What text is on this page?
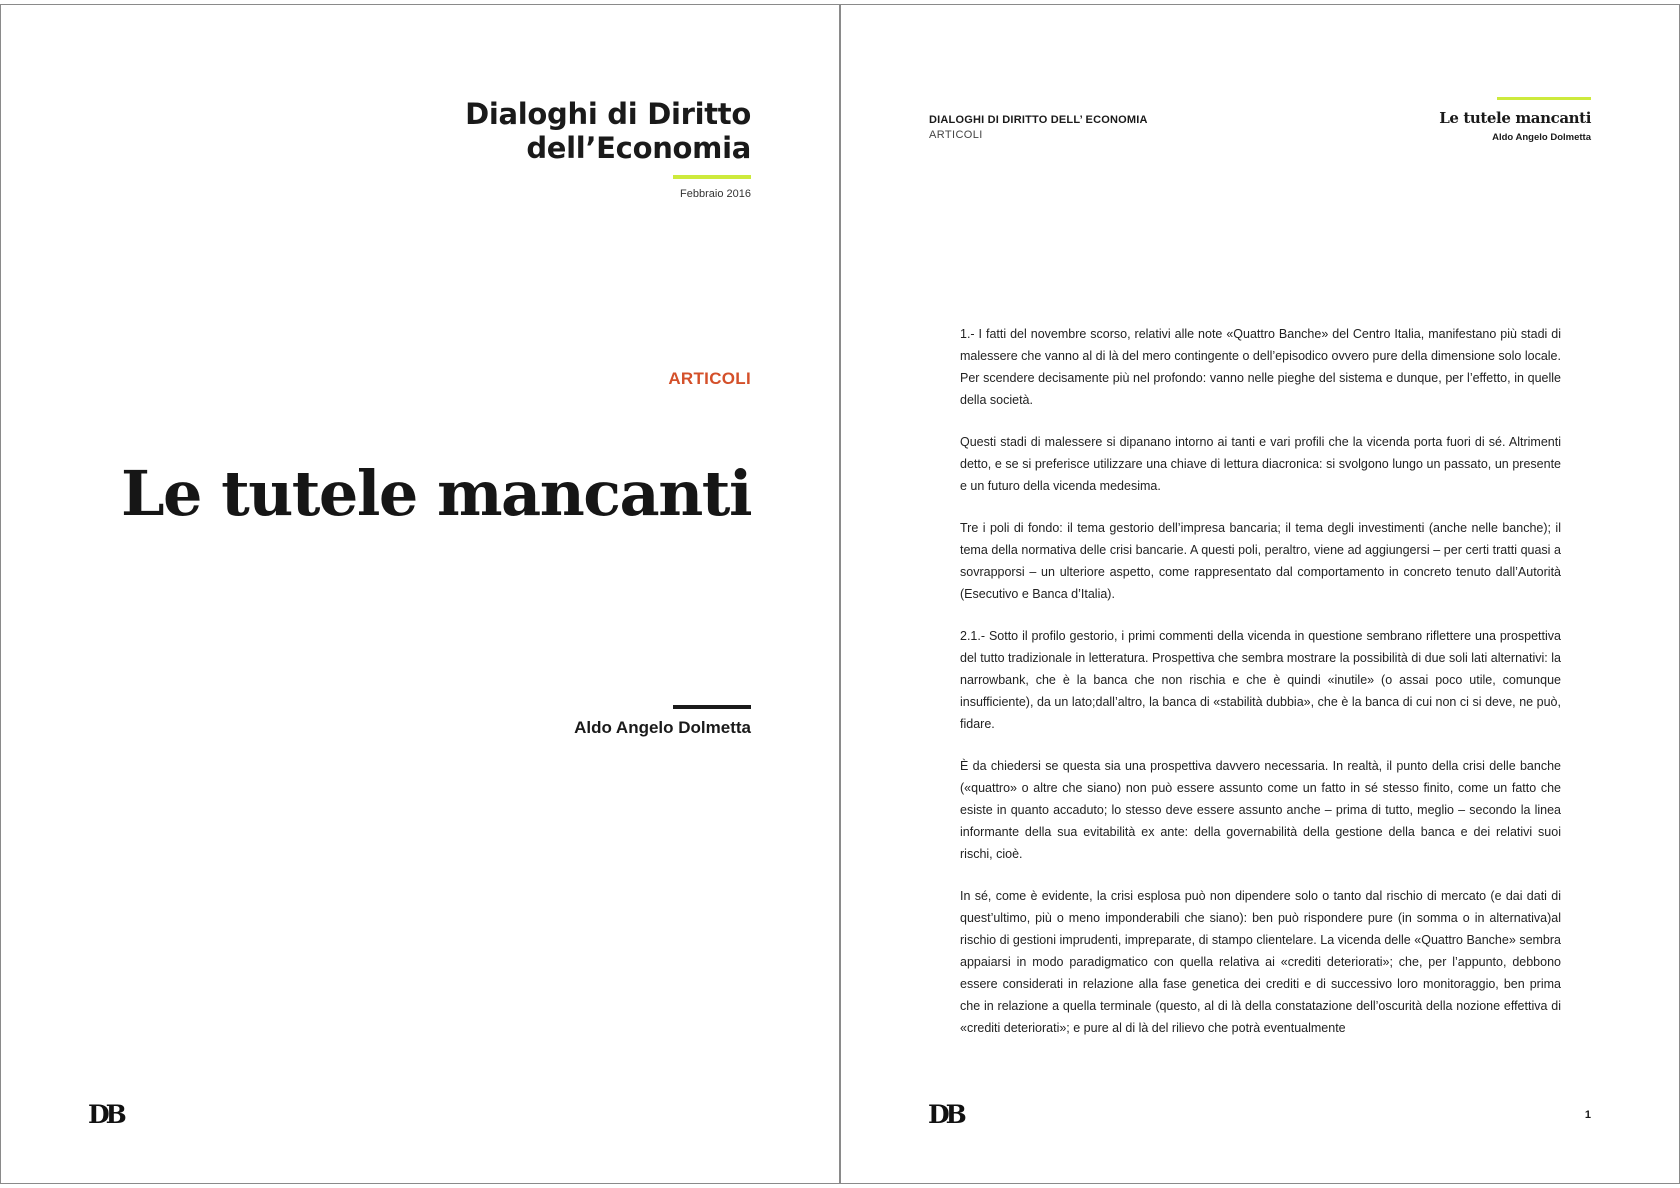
Dialoghi di Diritto
dell’Economia
Febbraio 2016
ARTICOLI
Le tutele mancanti
Aldo Angelo Dolmetta
DB
DIALOGHI DI DIRITTO DELL’ ECONOMIA
ARTICOLI
Le tutele mancanti
Aldo Angelo Dolmetta

1.- I fatti del novembre scorso, relativi alle note «Quattro Banche» del Centro Italia, manifestano più stadi di malessere che vanno al di là del mero contingente o dell’episodico ovvero pure della dimensione solo locale. Per scendere decisamente più nel profondo: vanno nelle pieghe del sistema e dunque, per l’effetto, in quelle della società.

Questi stadi di malessere si dipanano intorno ai tanti e vari profili che la vicenda porta fuori di sé. Altrimenti detto, e se si preferisce utilizzare una chiave di lettura diacronica: si svolgono lungo un passato, un presente e un futuro della vicenda medesima.

Tre i poli di fondo: il tema gestorio dell’impresa bancaria; il tema degli investimenti (anche nelle banche); il tema della normativa delle crisi bancarie. A questi poli, peraltro, viene ad aggiungersi – per certi tratti quasi a sovrapporsi – un ulteriore aspetto, come rappresentato dal comportamento in concreto tenuto dall’Autorità (Esecutivo e Banca d’Italia).

2.1.- Sotto il profilo gestorio, i primi commenti della vicenda in questione sembrano riflettere una prospettiva del tutto tradizionale in letteratura. Prospettiva che sembra mostrare la possibilità di due soli lati alternativi: la narrowbank, che è la banca che non rischia e che è quindi «inutile» (o assai poco utile, comunque insufficiente), da un lato;dall’altro, la banca di «stabilità dubbia», che è la banca di cui non ci si deve, ne può, fidare.

È da chiedersi se questa sia una prospettiva davvero necessaria. In realtà, il punto della crisi delle banche («quattro» o altre che siano) non può essere assunto come un fatto in sé stesso finito, come un fatto che esiste in quanto accaduto; lo stesso deve essere assunto anche – prima di tutto, meglio – secondo la linea informante della sua evitabilità ex ante: della governabilità della gestione della banca e dei relativi suoi rischi, cioè.

In sé, come è evidente, la crisi esplosa può non dipendere solo o tanto dal rischio di mercato (e dai dati di quest’ultimo, più o meno imponderabili che siano): ben può rispondere pure (in somma o in alternativa)al rischio di gestioni imprudenti, impreparate, di stampo clientelare. La vicenda delle «Quattro Banche» sembra appaiarsi in modo paradigmatico con quella relativa ai «crediti deteriorati»; che, per l’appunto, debbono essere considerati in relazione alla fase genetica dei crediti e di successivo loro monitoraggio, ben prima che in relazione a quella terminale (questo, al di là della constatazione dell’oscurità della nozione effettiva di «crediti deteriorati»; e pure al di là del rilievo che potrà eventualmente

DB	1
